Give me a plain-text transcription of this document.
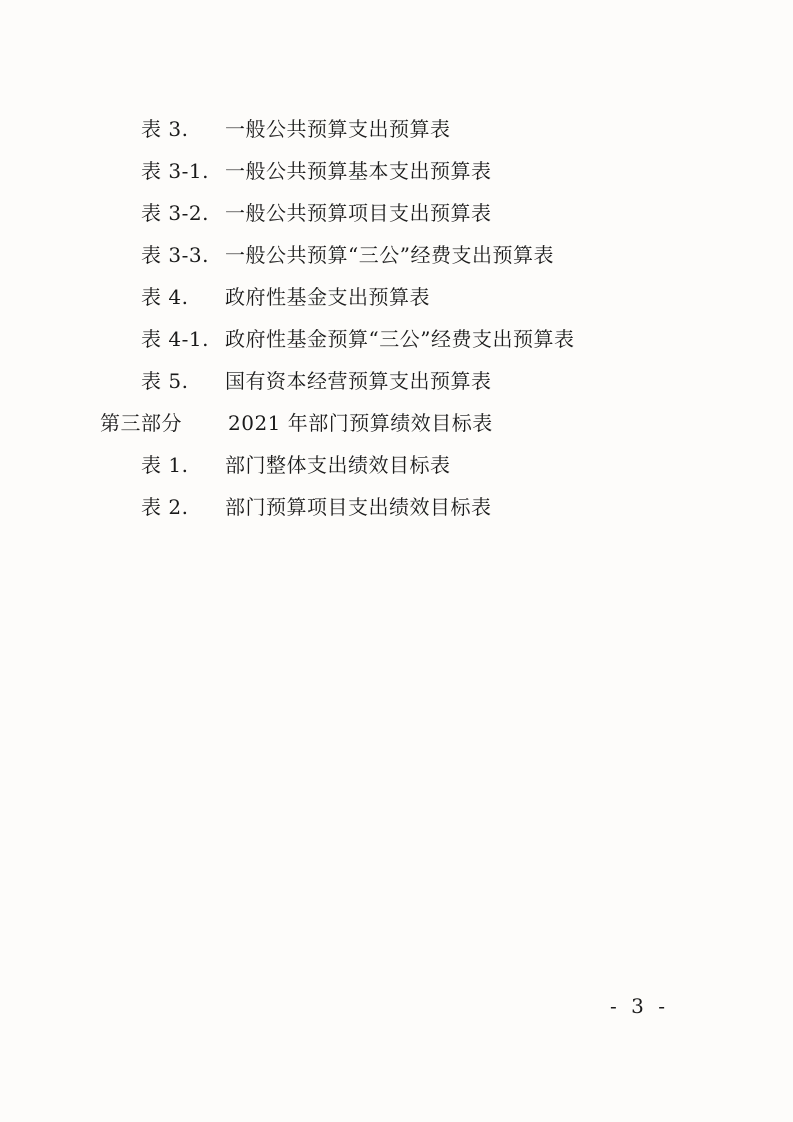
表 3. 一般公共预算支出预算表
表 3-1. 一般公共预算基本支出预算表
表 3-2. 一般公共预算项目支出预算表
表 3-3. 一般公共预算“三公”经费支出预算表
表 4. 政府性基金支出预算表
表 4-1. 政府性基金预算“三公”经费支出预算表
表 5. 国有资本经营预算支出预算表
第三部分 2021 年部门预算绩效目标表
表 1. 部门整体支出绩效目标表
表 2. 部门预算项目支出绩效目标表
- 3 -
